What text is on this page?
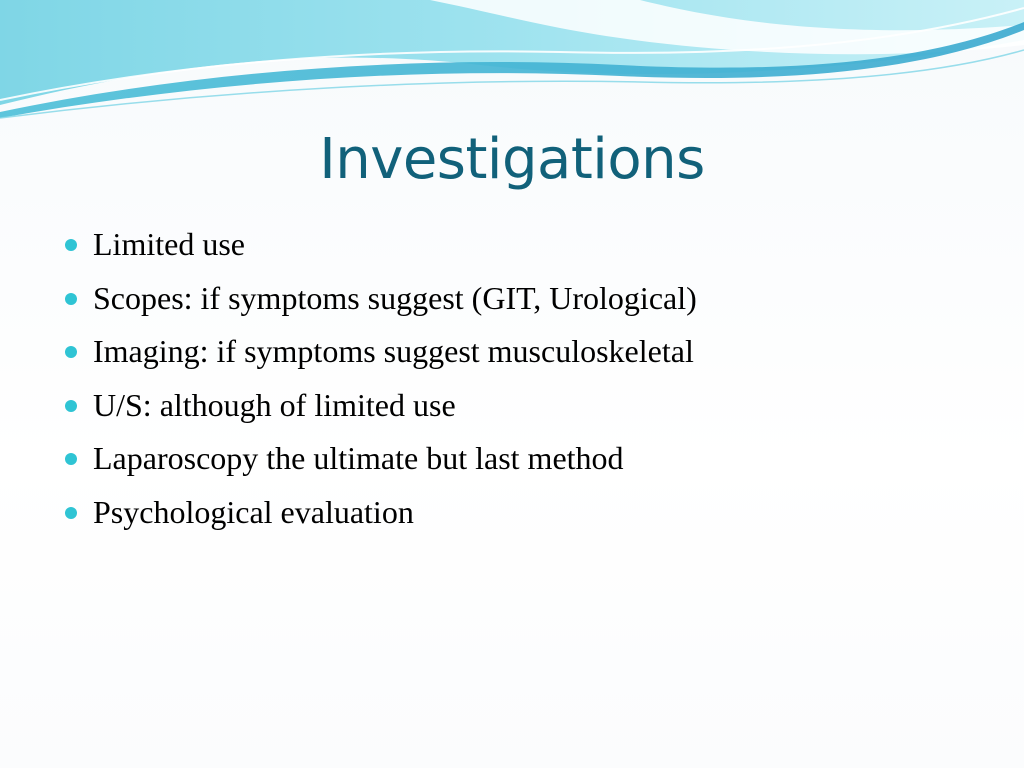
Investigations
Limited use
Scopes: if symptoms suggest (GIT, Urological)
Imaging: if symptoms suggest musculoskeletal
U/S: although of limited use
Laparoscopy the ultimate but last method
Psychological evaluation
